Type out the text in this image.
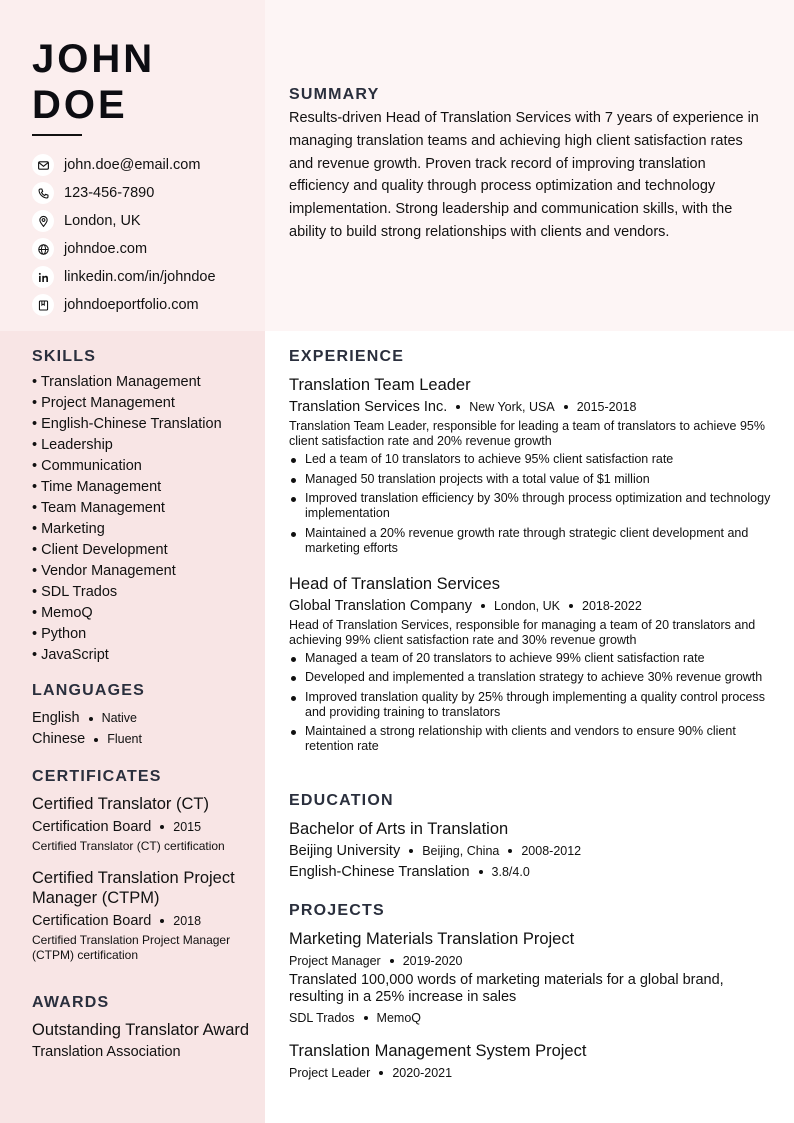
JOHN
DOE
john.doe@email.com
123-456-7890
London, UK
johndoe.com
linkedin.com/in/johndoe
johndoeportfolio.com
SUMMARY

Results-driven Head of Translation Services with 7 years of experience in managing translation teams and achieving high client satisfaction rates and revenue growth. Proven track record of improving translation efficiency and quality through process optimization and technology implementation. Strong leadership and communication skills, with the ability to build strong relationships with clients and vendors.

SKILLS
• Translation Management
• Project Management
• English-Chinese Translation
• Leadership
• Communication
• Time Management
• Team Management
• Marketing
• Client Development
• Vendor Management
• SDL Trados
• MemoQ
• Python
• JavaScript
LANGUAGES
English Native
Chinese Fluent
CERTIFICATES
Certified Translator (CT)
Certification Board 2015
Certified Translator (CT) certification
Certified Translation Project Manager (CTPM)
Certification Board 2018
Certified Translation Project Manager (CTPM) certification
AWARDS
Outstanding Translator Award
Translation Association
EXPERIENCE
Translation Team Leader
Translation Services Inc. New York, USA 2015-2018
Translation Team Leader, responsible for leading a team of translators to achieve 95% client satisfaction rate and 20% revenue growth
Led a team of 10 translators to achieve 95% client satisfaction rate
Managed 50 translation projects with a total value of $1 million
Improved translation efficiency by 30% through process optimization and technology implementation
Maintained a 20% revenue growth rate through strategic client development and marketing efforts
Head of Translation Services
Global Translation Company London, UK 2018-2022
Head of Translation Services, responsible for managing a team of 20 translators and achieving 99% client satisfaction rate and 30% revenue growth
Managed a team of 20 translators to achieve 99% client satisfaction rate
Developed and implemented a translation strategy to achieve 30% revenue growth
Improved translation quality by 25% through implementing a quality control process and providing training to translators
Maintained a strong relationship with clients and vendors to ensure 90% client retention rate
EDUCATION
Bachelor of Arts in Translation
Beijing University Beijing, China 2008-2012
English-Chinese Translation 3.8/4.0
PROJECTS
Marketing Materials Translation Project
Project Manager 2019-2020
Translated 100,000 words of marketing materials for a global brand, resulting in a 25% increase in sales
SDL Trados MemoQ
Translation Management System Project
Project Leader 2020-2021
